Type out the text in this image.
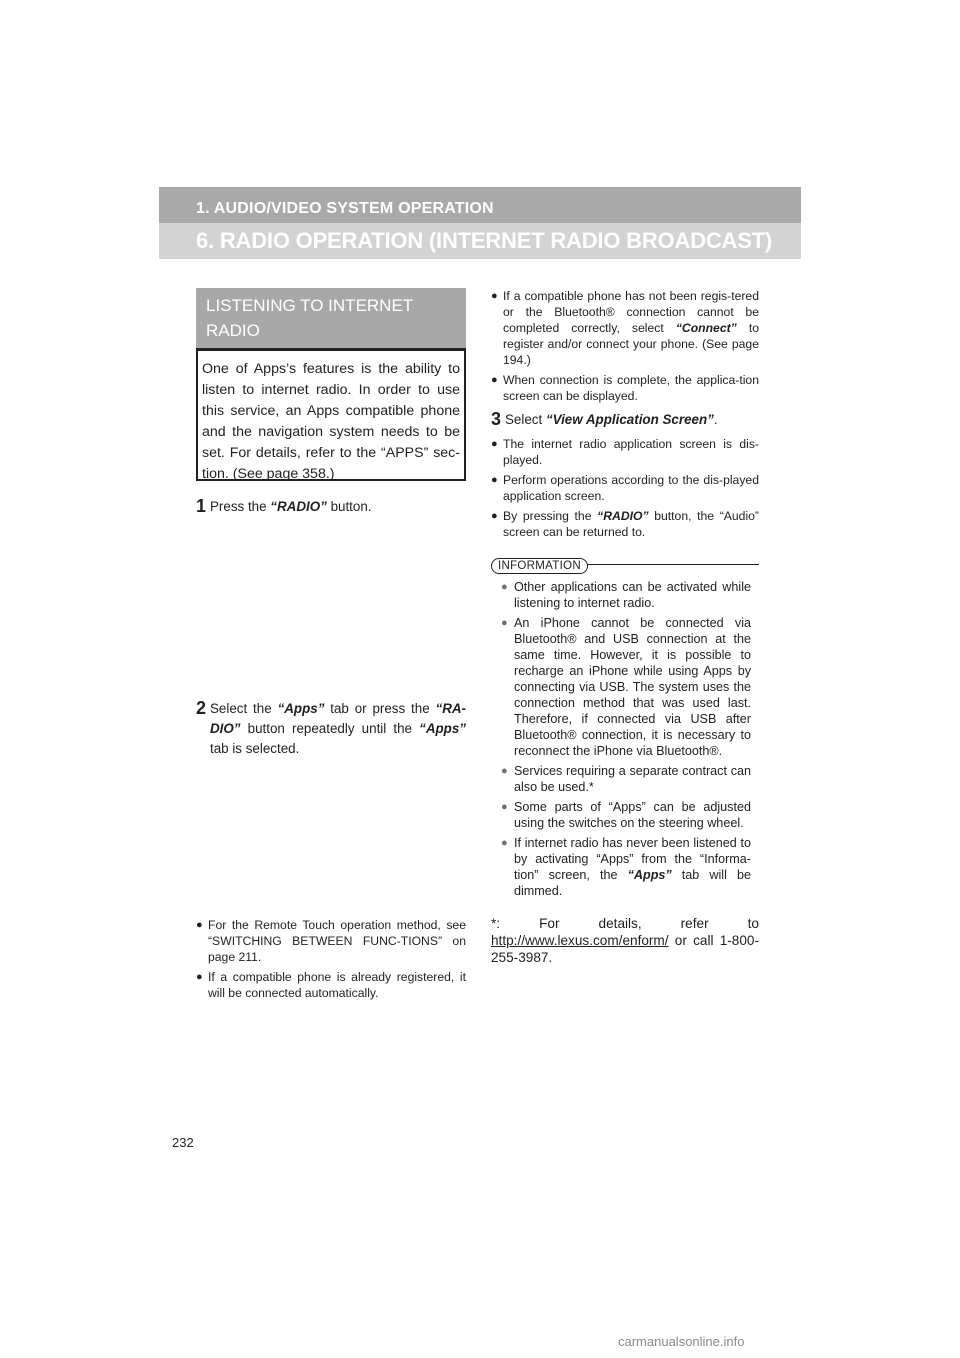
1. AUDIO/VIDEO SYSTEM OPERATION
6. RADIO OPERATION (INTERNET RADIO BROADCAST)
LISTENING TO INTERNET RADIO
One of Apps’s features is the ability to listen to internet radio. In order to use this service, an Apps compatible phone and the navigation system needs to be set. For details, refer to the “APPS” sec-tion. (See page 358.)
1 Press the “RADIO” button.
2 Select the “Apps” tab or press the “RA-DIO” button repeatedly until the “Apps” tab is selected.
● For the Remote Touch operation method, see “SWITCHING BETWEEN FUNC-TIONS” on page 211.
● If a compatible phone is already registered, it will be connected automatically.
● If a compatible phone has not been regis-tered or the Bluetooth® connection cannot be completed correctly, select “Connect” to register and/or connect your phone. (See page 194.)
● When connection is complete, the applica-tion screen can be displayed.
3 Select “View Application Screen”.
● The internet radio application screen is dis-played.
● Perform operations according to the dis-played application screen.
● By pressing the “RADIO” button, the “Audio” screen can be returned to.
INFORMATION
● Other applications can be activated while listening to internet radio.
● An iPhone cannot be connected via Bluetooth® and USB connection at the same time. However, it is possible to recharge an iPhone while using Apps by connecting via USB. The system uses the connection method that was used last. Therefore, if connected via USB after Bluetooth® connection, it is necessary to reconnect the iPhone via Bluetooth®.
● Services requiring a separate contract can also be used.*
● Some parts of “Apps” can be adjusted using the switches on the steering wheel.
● If internet radio has never been listened to by activating “Apps” from the “Informa-tion” screen, the “Apps” tab will be dimmed.
*: For details, refer to http://www.lexus.com/enform/ or call 1-800-255-3987.
232
carmanualsonline.info
